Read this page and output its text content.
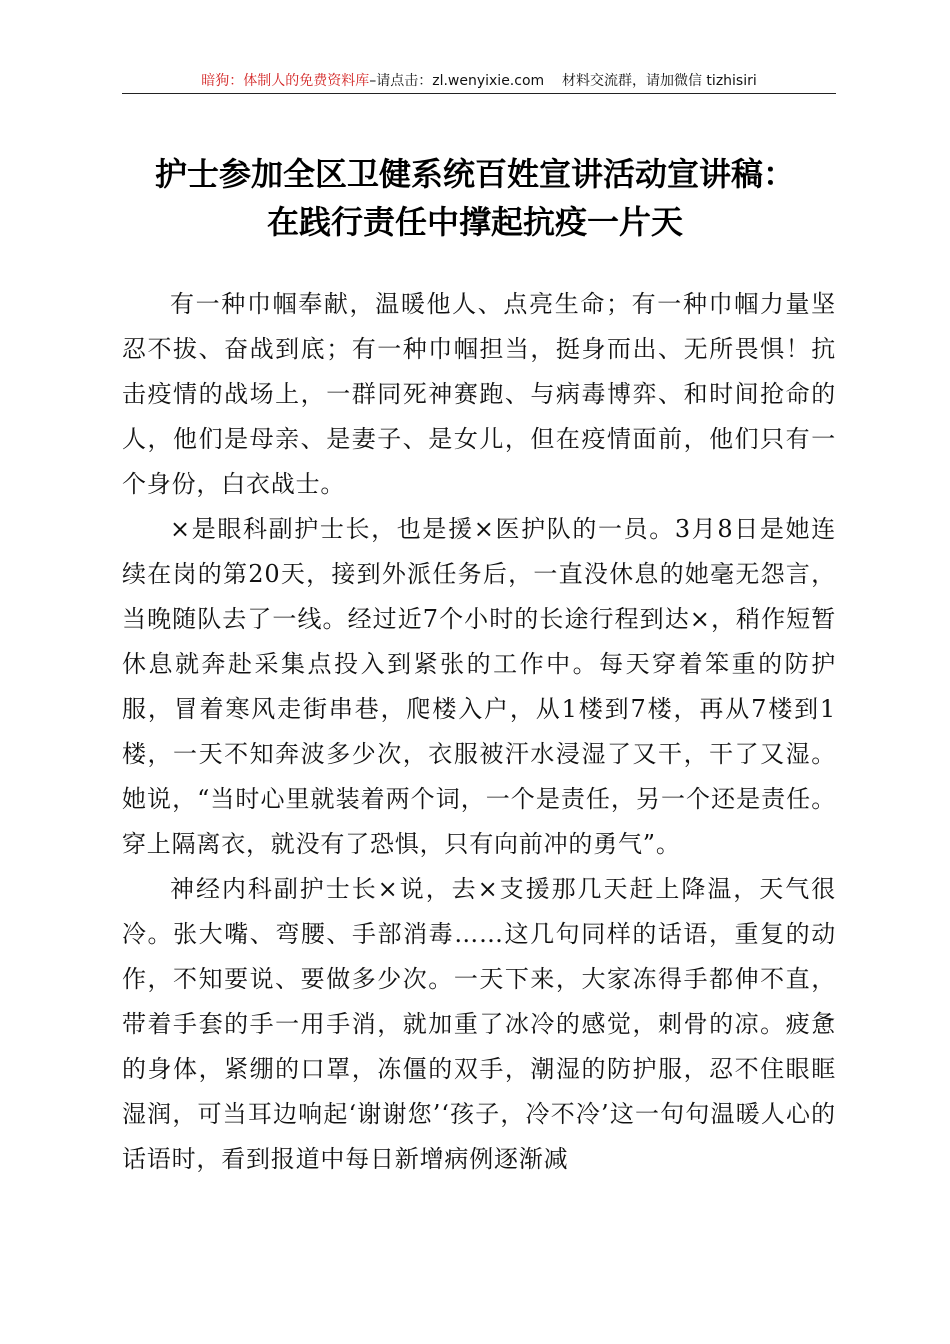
暗狗：体制人的免费资料库–请点击：zl.wenyixie.com 材料交流群，请加微信 tizhisiri
护士参加全区卫健系统百姓宣讲活动宣讲稿：
在践行责任中撑起抗疫一片天

有一种巾帼奉献，温暖他人、点亮生命；有一种巾帼力量坚忍不拔、奋战到底；有一种巾帼担当，挺身而出、无所畏惧！抗击疫情的战场上，一群同死神赛跑、与病毒博弈、和时间抢命的人，他们是母亲、是妻子、是女儿，但在疫情面前，他们只有一个身份，白衣战士。

×是眼科副护士长，也是援×医护队的一员。3月8日是她连续在岗的第20天，接到外派任务后，一直没休息的她毫无怨言，当晚随队去了一线。经过近7个小时的长途行程到达×，稍作短暂休息就奔赴采集点投入到紧张的工作中。每天穿着笨重的防护服，冒着寒风走街串巷，爬楼入户，从1楼到7楼，再从7楼到1楼，一天不知奔波多少次，衣服被汗水浸湿了又干，干了又湿。她说，“当时心里就装着两个词，一个是责任，另一个还是责任。穿上隔离衣，就没有了恐惧，只有向前冲的勇气”。

神经内科副护士长×说，去×支援那几天赶上降温，天气很冷。张大嘴、弯腰、手部消毒……这几句同样的话语，重复的动作，不知要说、要做多少次。一天下来，大家冻得手都伸不直，带着手套的手一用手消，就加重了冰冷的感觉，刺骨的凉。疲惫的身体，紧绷的口罩，冻僵的双手，潮湿的防护服，忍不住眼眶湿润，可当耳边响起‘谢谢您’‘孩子，冷不冷’这一句句温暖人心的话语时，看到报道中每日新增病例逐渐减
